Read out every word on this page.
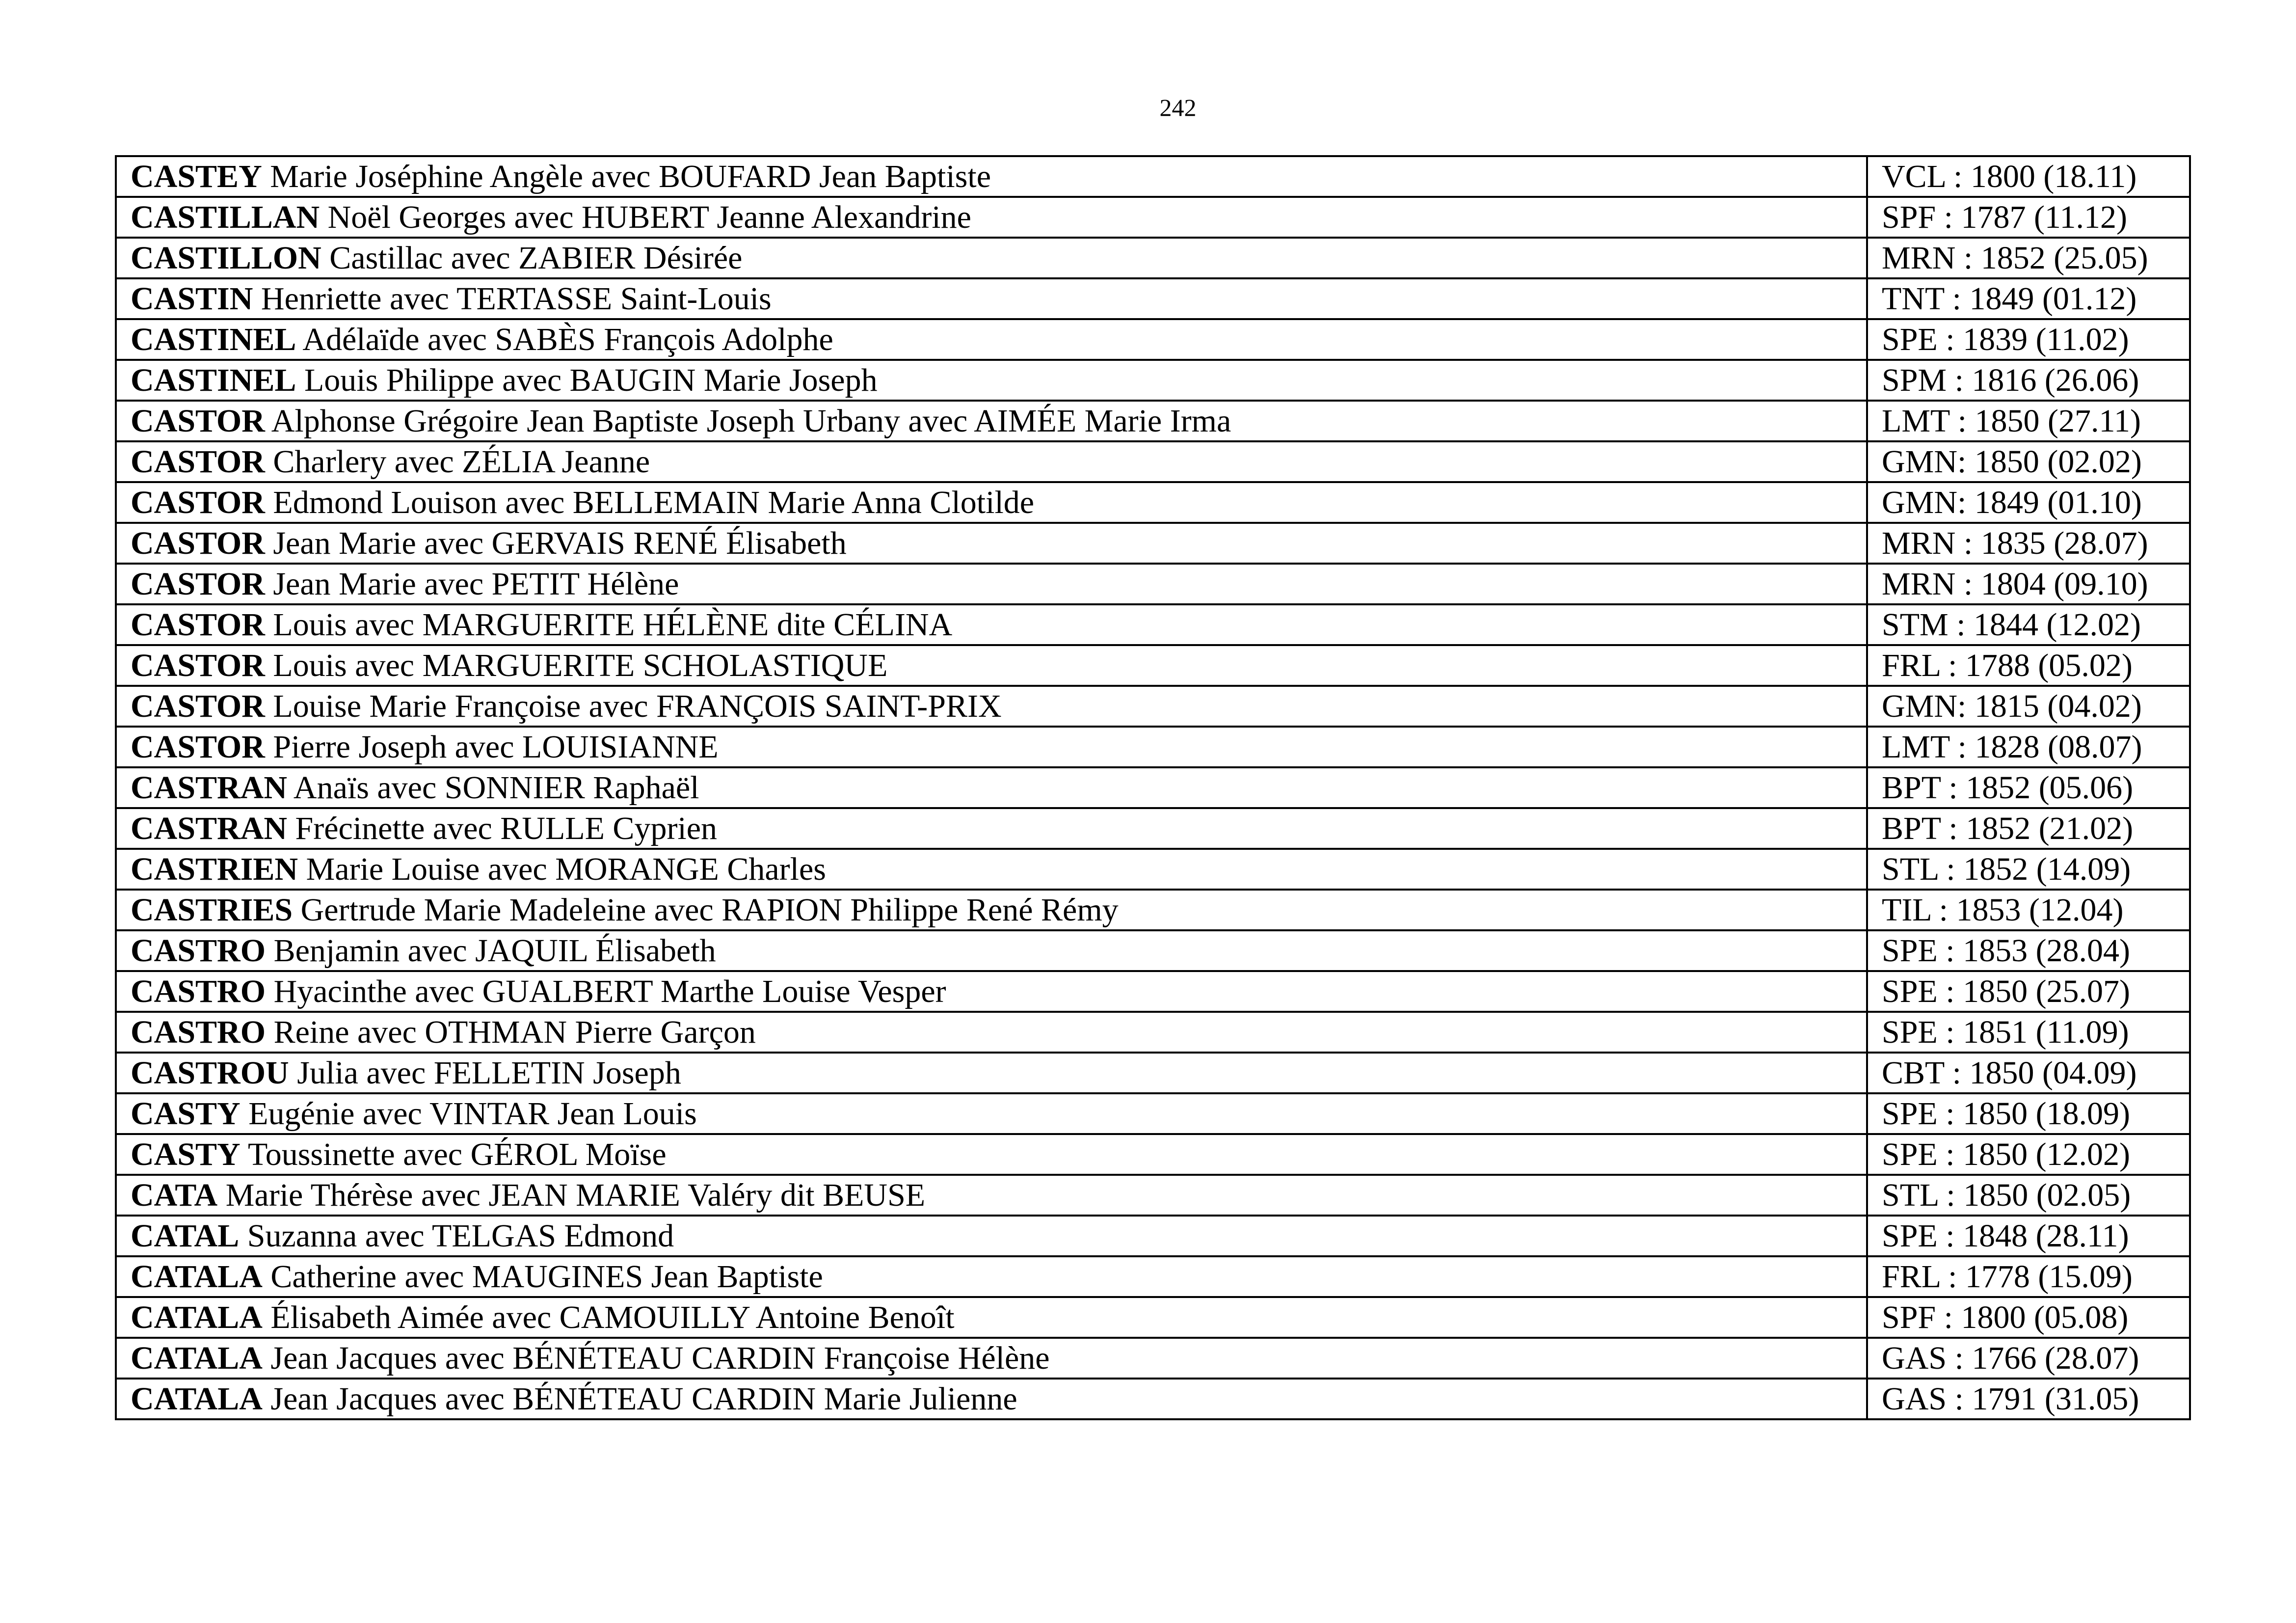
242
CASTEY Marie Joséphine Angèle avec BOUFARD Jean Baptiste	VCL : 1800 (18.11)
CASTILLAN Noël Georges avec HUBERT Jeanne Alexandrine	SPF : 1787 (11.12)
CASTILLON Castillac avec ZABIER Désirée	MRN : 1852 (25.05)
CASTIN Henriette avec TERTASSE Saint-Louis	TNT : 1849 (01.12)
CASTINEL Adélaïde avec SABÈS François Adolphe	SPE : 1839 (11.02)
CASTINEL Louis Philippe avec BAUGIN Marie Joseph	SPM : 1816 (26.06)
CASTOR Alphonse Grégoire Jean Baptiste Joseph Urbany avec AIMÉE Marie Irma	LMT : 1850 (27.11)
CASTOR Charlery avec ZÉLIA Jeanne	GMN: 1850 (02.02)
CASTOR Edmond Louison avec BELLEMAIN Marie Anna Clotilde	GMN: 1849 (01.10)
CASTOR Jean Marie avec GERVAIS RENÉ Élisabeth	MRN : 1835 (28.07)
CASTOR Jean Marie avec PETIT Hélène	MRN : 1804 (09.10)
CASTOR Louis avec MARGUERITE HÉLÈNE dite CÉLINA	STM : 1844 (12.02)
CASTOR Louis avec MARGUERITE SCHOLASTIQUE	FRL : 1788 (05.02)
CASTOR Louise Marie Françoise avec FRANÇOIS SAINT-PRIX	GMN: 1815 (04.02)
CASTOR Pierre Joseph avec LOUISIANNE	LMT : 1828 (08.07)
CASTRAN Anaïs avec SONNIER Raphaël	BPT : 1852 (05.06)
CASTRAN Frécinette avec RULLE Cyprien	BPT : 1852 (21.02)
CASTRIEN Marie Louise avec MORANGE Charles	STL : 1852 (14.09)
CASTRIES Gertrude Marie Madeleine avec RAPION Philippe René Rémy	TIL : 1853 (12.04)
CASTRO Benjamin avec JAQUIL Élisabeth	SPE : 1853 (28.04)
CASTRO Hyacinthe avec GUALBERT Marthe Louise Vesper	SPE : 1850 (25.07)
CASTRO Reine avec OTHMAN Pierre Garçon	SPE : 1851 (11.09)
CASTROU Julia avec FELLETIN Joseph	CBT : 1850 (04.09)
CASTY Eugénie avec VINTAR Jean Louis	SPE : 1850 (18.09)
CASTY Toussinette avec GÉROL Moïse	SPE : 1850 (12.02)
CATA Marie Thérèse avec JEAN MARIE Valéry dit BEUSE	STL : 1850 (02.05)
CATAL Suzanna avec TELGAS Edmond	SPE : 1848 (28.11)
CATALA Catherine avec MAUGINES Jean Baptiste	FRL : 1778 (15.09)
CATALA Élisabeth Aimée avec CAMOUILLY Antoine Benoît	SPF : 1800 (05.08)
CATALA Jean Jacques avec BÉNÉTEAU CARDIN Françoise Hélène	GAS : 1766 (28.07)
CATALA Jean Jacques avec BÉNÉTEAU CARDIN Marie Julienne	GAS : 1791 (31.05)
